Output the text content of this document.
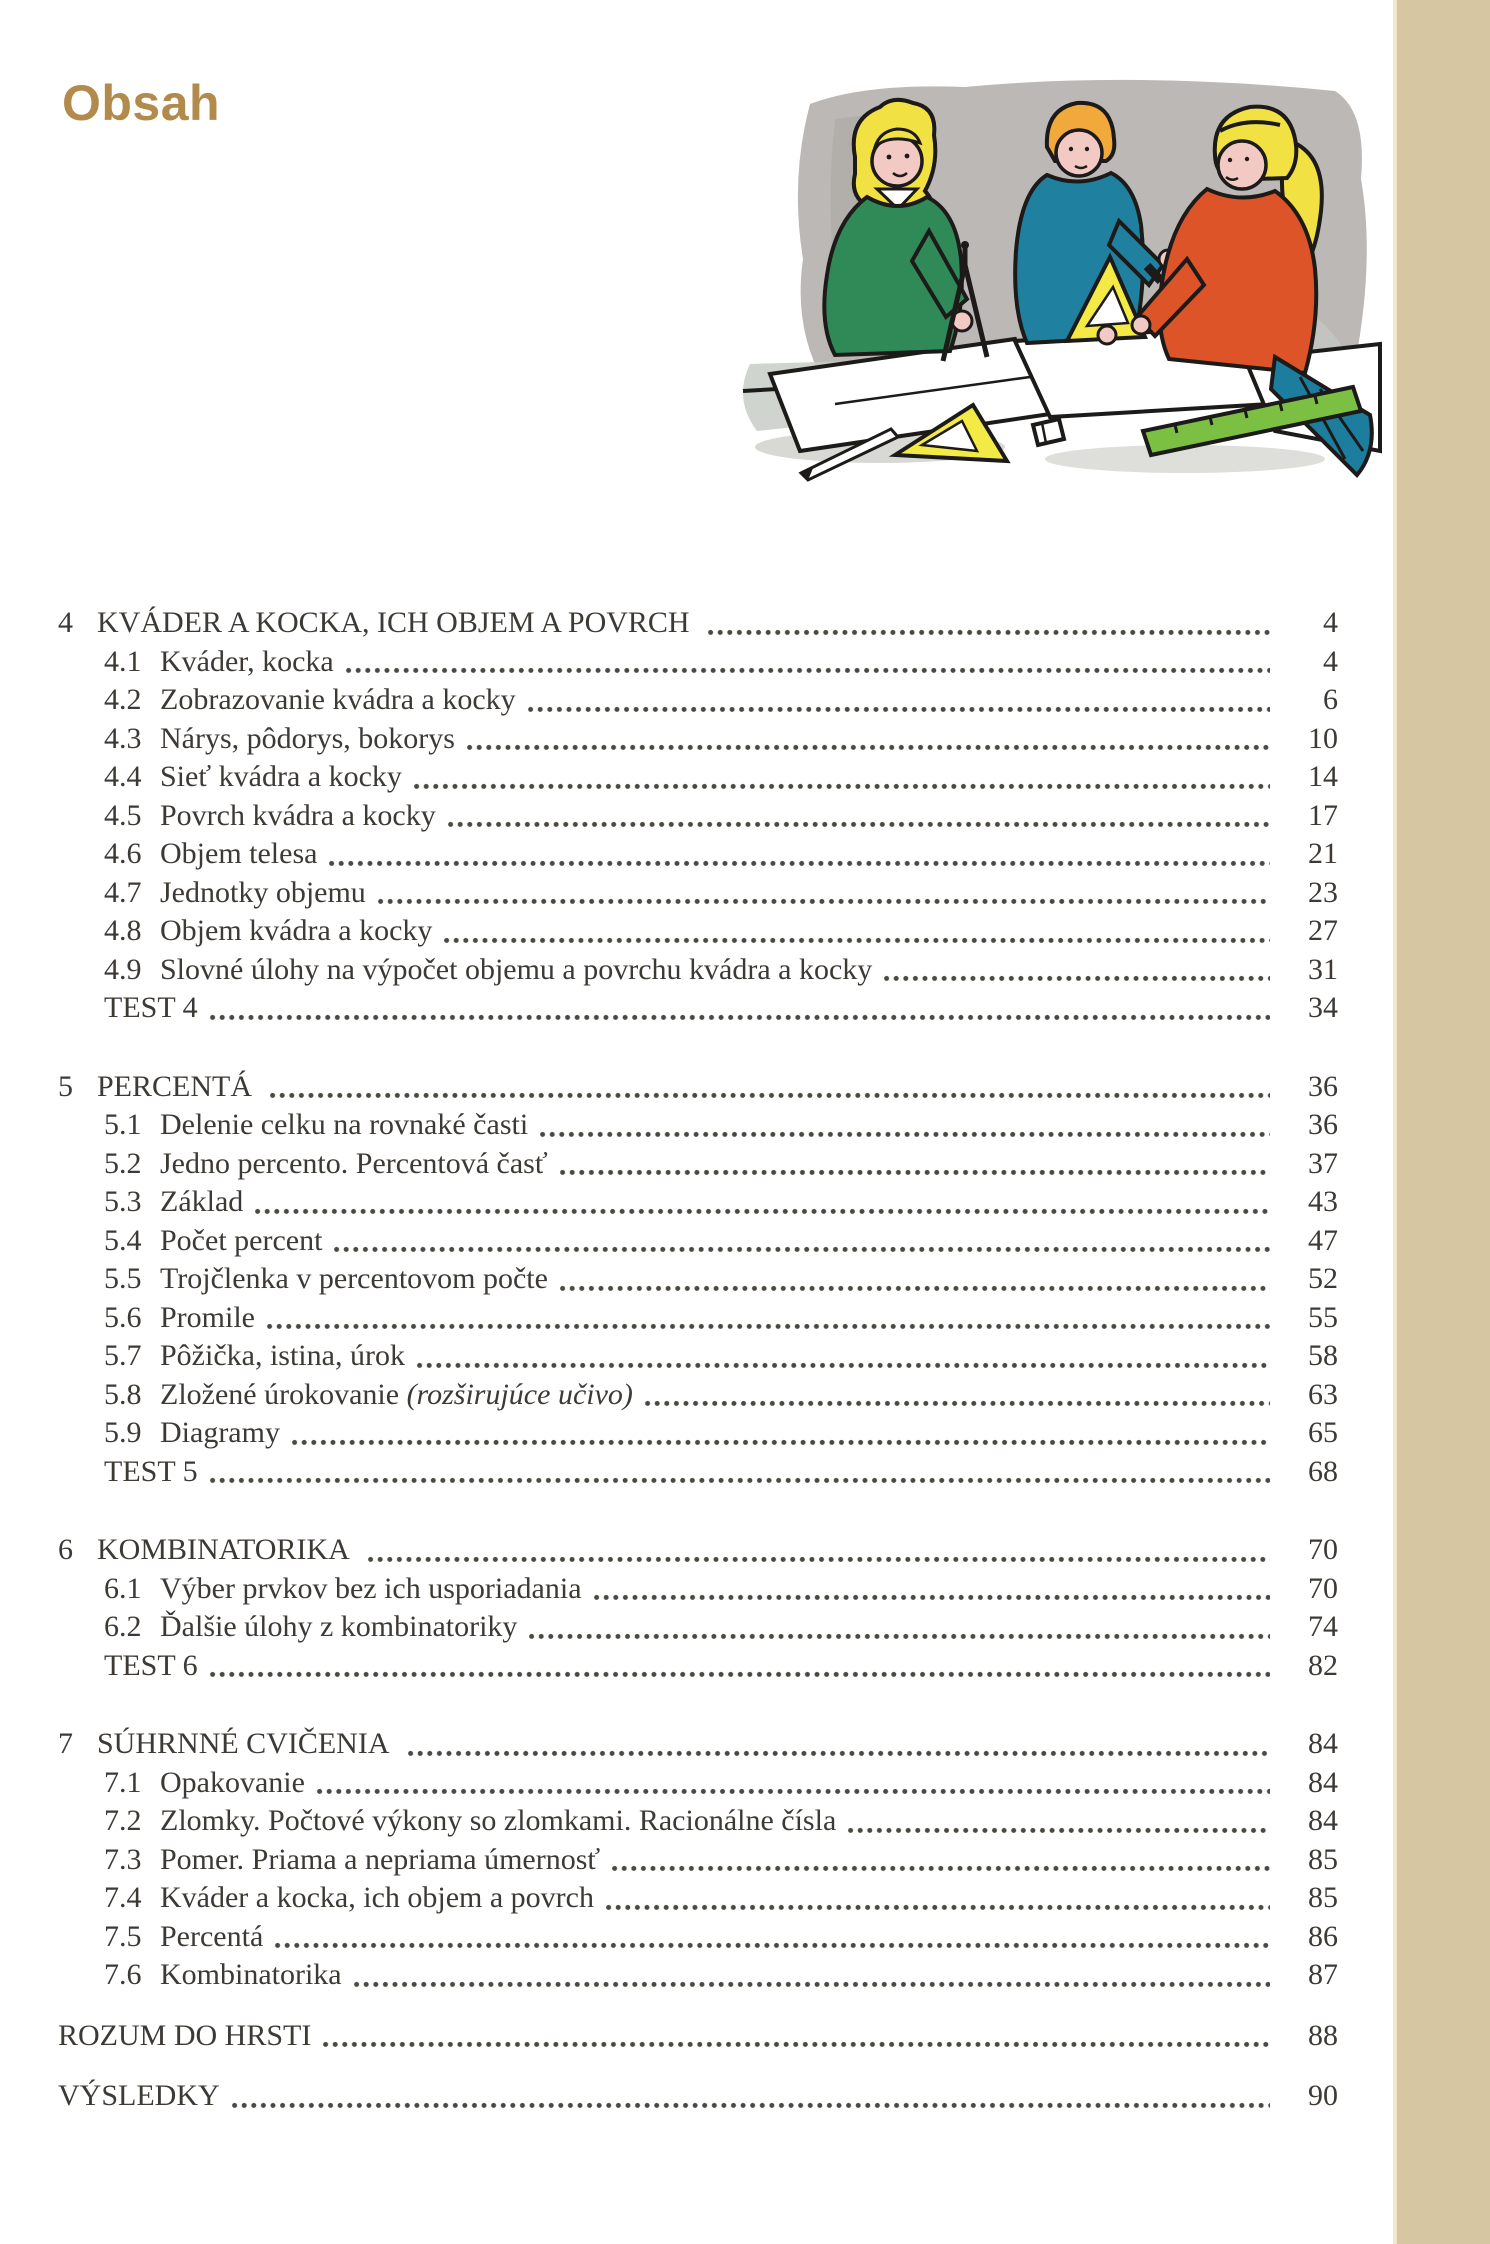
Obsah
4 KVÁDER A KOCKA, ICH OBJEM A POVRCH	4
4.1 Kváder, kocka	4
4.2 Zobrazovanie kvádra a kocky	6
4.3 Nárys, pôdorys, bokorys	10
4.4 Sieť kvádra a kocky	14
4.5 Povrch kvádra a kocky	17
4.6 Objem telesa	21
4.7 Jednotky objemu	23
4.8 Objem kvádra a kocky	27
4.9 Slovné úlohy na výpočet objemu a povrchu kvádra a kocky	31
TEST 4	34
5 PERCENTÁ	36
5.1 Delenie celku na rovnaké časti	36
5.2 Jedno percento. Percentová časť	37
5.3 Základ	43
5.4 Počet percent	47
5.5 Trojčlenka v percentovom počte	52
5.6 Promile	55
5.7 Pôžička, istina, úrok	58
5.8 Zložené úrokovanie (rozširujúce učivo)	63
5.9 Diagramy	65
TEST 5	68
6 KOMBINATORIKA	70
6.1 Výber prvkov bez ich usporiadania	70
6.2 Ďalšie úlohy z kombinatoriky	74
TEST 6	82
7 SÚHRNNÉ CVIČENIA	84
7.1 Opakovanie	84
7.2 Zlomky. Počtové výkony so zlomkami. Racionálne čísla	84
7.3 Pomer. Priama a nepriama úmernosť	85
7.4 Kváder a kocka, ich objem a povrch	85
7.5 Percentá	86
7.6 Kombinatorika	87
ROZUM DO HRSTI	88
VÝSLEDKY	90
